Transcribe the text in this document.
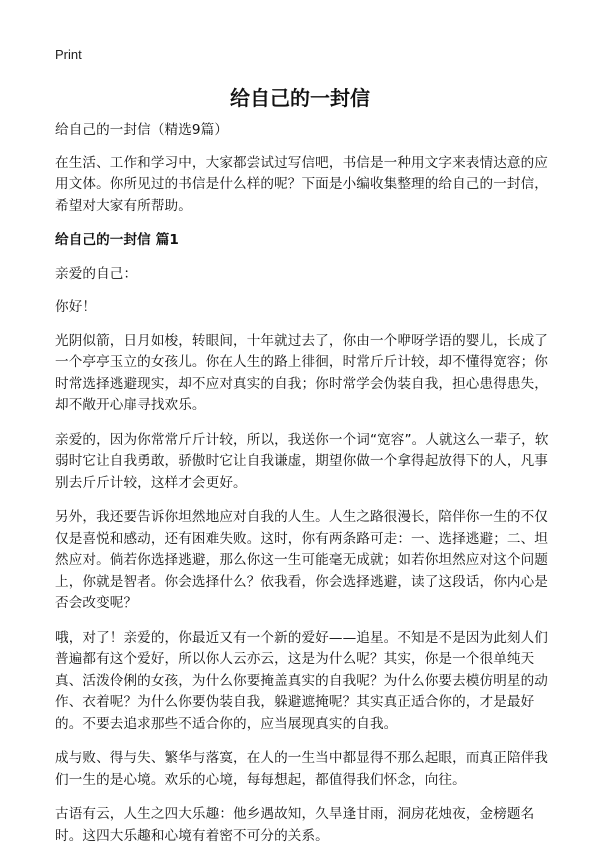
Print
给自己的一封信

给自己的一封信（精选9篇）

在生活、工作和学习中，大家都尝试过写信吧，书信是一种用文字来表情达意的应用文体。你所见过的书信是什么样的呢？下面是小编收集整理的给自己的一封信，希望对大家有所帮助。

给自己的一封信 篇1

亲爱的自己：

你好！

光阴似箭，日月如梭，转眼间，十年就过去了，你由一个咿呀学语的婴儿，长成了一个亭亭玉立的女孩儿。你在人生的路上徘徊，时常斤斤计较，却不懂得宽容；你时常选择逃避现实，却不应对真实的自我；你时常学会伪装自我，担心患得患失，却不敞开心扉寻找欢乐。

亲爱的，因为你常常斤斤计较，所以，我送你一个词“宽容”。人就这么一辈子，软弱时它让自我勇敢，骄傲时它让自我谦虚，期望你做一个拿得起放得下的人，凡事别去斤斤计较，这样才会更好。

另外，我还要告诉你坦然地应对自我的人生。人生之路很漫长，陪伴你一生的不仅仅是喜悦和感动，还有困难失败。这时，你有两条路可走：一、选择逃避；二、坦然应对。倘若你选择逃避，那么你这一生可能毫无成就；如若你坦然应对这个问题上，你就是智者。你会选择什么？依我看，你会选择逃避，读了这段话，你内心是否会改变呢？

哦，对了！亲爱的，你最近又有一个新的爱好——追星。不知是不是因为此刻人们普遍都有这个爱好，所以你人云亦云，这是为什么呢？其实，你是一个很单纯天真、活泼伶俐的女孩，为什么你要掩盖真实的自我呢？为什么你要去模仿明星的动作、衣着呢？为什么你要伪装自我，躲避遮掩呢？其实真正适合你的，才是最好的。不要去追求那些不适合你的，应当展现真实的自我。

成与败、得与失、繁华与落寞，在人的一生当中都显得不那么起眼，而真正陪伴我们一生的是心境。欢乐的心境，每每想起，都值得我们怀念，向往。

古语有云，人生之四大乐趣：他乡遇故知，久旱逢甘雨，洞房花烛夜，金榜题名时。这四大乐趣和心境有着密不可分的关系。
